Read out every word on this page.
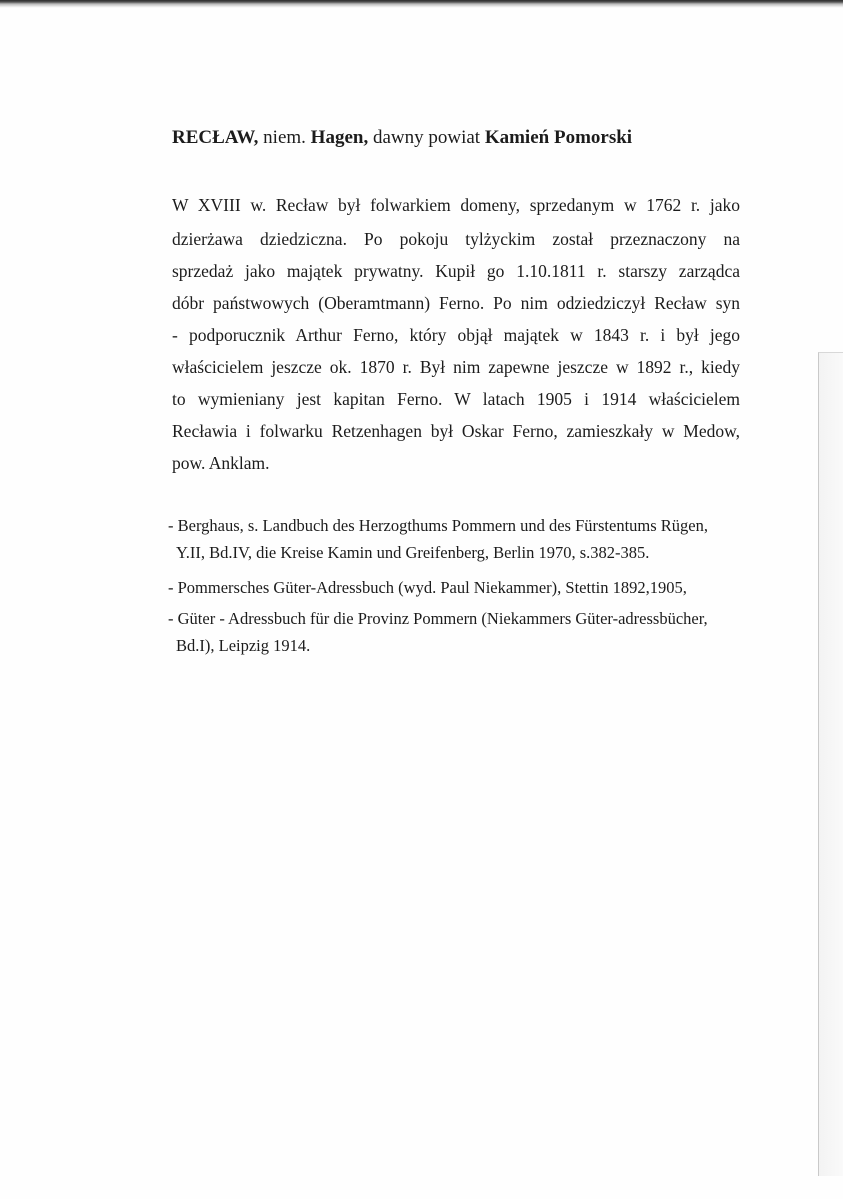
RECŁAW, niem. Hagen, dawny powiat Kamień Pomorski
W XVIII w. Recław był folwarkiem domeny, sprzedanym w 1762 r. jako
dzierżawa dziedziczna. Po pokoju tylżyckim został przeznaczony na
sprzedaż jako majątek prywatny. Kupił go 1.10.1811 r. starszy zarządca
dóbr państwowych (Oberamtmann) Ferno. Po nim odziedziczył Recław syn
- podporucznik Arthur Ferno, który objął majątek w 1843 r. i był jego
właścicielem jeszcze ok. 1870 r. Był nim zapewne jeszcze w 1892 r., kiedy
to wymieniany jest kapitan Ferno. W latach 1905 i 1914 właścicielem
Recławia i folwarku Retzenhagen był Oskar Ferno, zamieszkały w Medow,
pow. Anklam.
- Berghaus, s. Landbuch des Herzogthums Pommern und des Fürstentums Rügen,
Y.II, Bd.IV, die Kreise Kamin und Greifenberg, Berlin 1970, s.382-385.
- Pommersches Güter-Adressbuch (wyd. Paul Niekammer), Stettin 1892,1905,
- Güter - Adressbuch für die Provinz Pommern (Niekammers Güter-adressbücher,
Bd.I), Leipzig 1914.
